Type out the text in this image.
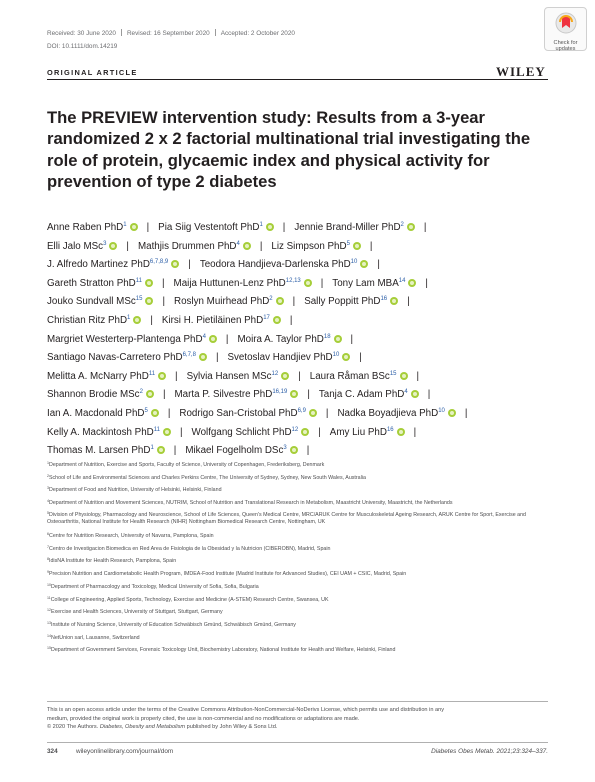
Received: 30 June 2020 Revised: 16 September 2020 Accepted: 2 October 2020
DOI: 10.1111/dom.14219	Check for
updates
ORIGINAL ARTICLE	WILEY
The PREVIEW intervention study: Results from a 3-year randomized 2 x 2 factorial multinational trial investigating the role of protein, glycaemic index and physical activity for prevention of type 2 diabetes
Anne Raben PhD$^1$ | Pia Siig Vestentoft PhD$^1$ | Jennie Brand-Miller PhD$^2$ |
Elli Jalo MSc$^3$ | Mathjis Drummen PhD$^4$ | Liz Simpson PhD$^5$ |
J. Alfredo Martinez PhD$^{6,7,8,9}$ | Teodora Handjieva-Darlenska PhD$^{10}$ |
Gareth Stratton PhD$^{11}$ | Maija Huttunen-Lenz PhD$^{12,13}$ | Tony Lam MBA$^{14}$ |
Jouko Sundvall MSc$^{15}$ | Roslyn Muirhead PhD$^2$ | Sally Poppitt PhD$^{16}$ |
Christian Ritz PhD$^1$ | Kirsi H. Pietiläinen PhD$^{17}$ |
Margriet Westerterp-Plantenga PhD$^4$ | Moira A. Taylor PhD$^{18}$ |
Santiago Navas-Carretero PhD$^{6,7,8}$ | Svetoslav Handjiev PhD$^{10}$ |
Melitta A. McNarry PhD$^{11}$ | Sylvia Hansen MSc$^{12}$ | Laura Råman BSc$^{15}$ |
Shannon Brodie MSc$^2$ | Marta P. Silvestre PhD$^{16,19}$ | Tanja C. Adam PhD$^4$ |
Ian A. Macdonald PhD$^5$ | Rodrigo San-Cristobal PhD$^{6,9}$ | Nadka Boyadjieva PhD$^{10}$ |
Kelly A. Mackintosh PhD$^{11}$ | Wolfgang Schlicht PhD$^{12}$ | Amy Liu PhD$^{16}$ |
Thomas M. Larsen PhD$^1$ | Mikael Fogelholm DSc$^3$ |
$^1$Department of Nutrition, Exercise and Sports, Faculty of Science, University of Copenhagen, Frederiksberg, Denmark
$^2$School of Life and Environmental Sciences and Charles Perkins Centre, The University of Sydney, Sydney, New South Wales, Australia
$^3$Department of Food and Nutrition, University of Helsinki, Helsinki, Finland
$^4$Department of Nutrition and Movement Sciences, NUTRIM, School of Nutrition and Translational Research in Metabolism, Maastricht University, Maastricht, the Netherlands
$^5$Division of Physiology, Pharmacology and Neuroscience, School of Life Sciences, Queen's Medical Centre, MRC/ARUK Centre for Musculoskeletal Ageing Research, ARUK Centre for Sport, Exercise and Osteoarthritis, National Institute for Health Research (NIHR) Nottingham Biomedical Research Centre, Nottingham, UK
$^6$Centre for Nutrition Research, University of Navarra, Pamplona, Spain
$^7$Centro de Investigacion Biomedica en Red Area de Fisiologia de la Obesidad y la Nutricion (CIBEROBN), Madrid, Spain
$^8$IdisNA Institute for Health Research, Pamplona, Spain
$^9$Precision Nutrition and Cardiometabolic Health Program, IMDEA-Food Institute (Madrid Institute for Advanced Studies), CEI UAM + CSIC, Madrid, Spain
$^{10}$Department of Pharmacology and Toxicology, Medical University of Sofia, Sofia, Bulgaria
$^{11}$College of Engineering, Applied Sports, Technology, Exercise and Medicine (A-STEM) Research Centre, Swansea, UK
$^{12}$Exercise and Health Sciences, University of Stuttgart, Stuttgart, Germany
$^{13}$Institute of Nursing Science, University of Education Schwäbisch Gmünd, Schwäbisch Gmünd, Germany
$^{14}$NetUnion sarl, Lausanne, Switzerland
$^{15}$Department of Government Services, Forensic Toxicology Unit, Biochemistry Laboratory, National Institute for Health and Welfare, Helsinki, Finland
This is an open access article under the terms of the Creative Commons Attribution-NonCommercial-NoDerivs License, which permits use and distribution in any
medium, provided the original work is properly cited, the use is non-commercial and no modifications or adaptations are made.
© 2020 The Authors. Diabetes, Obesity and Metabolism published by John Wiley & Sons Ltd.
324	wileyonlinelibrary.com/journal/dom	Diabetes Obes Metab. 2021;23:324–337.
